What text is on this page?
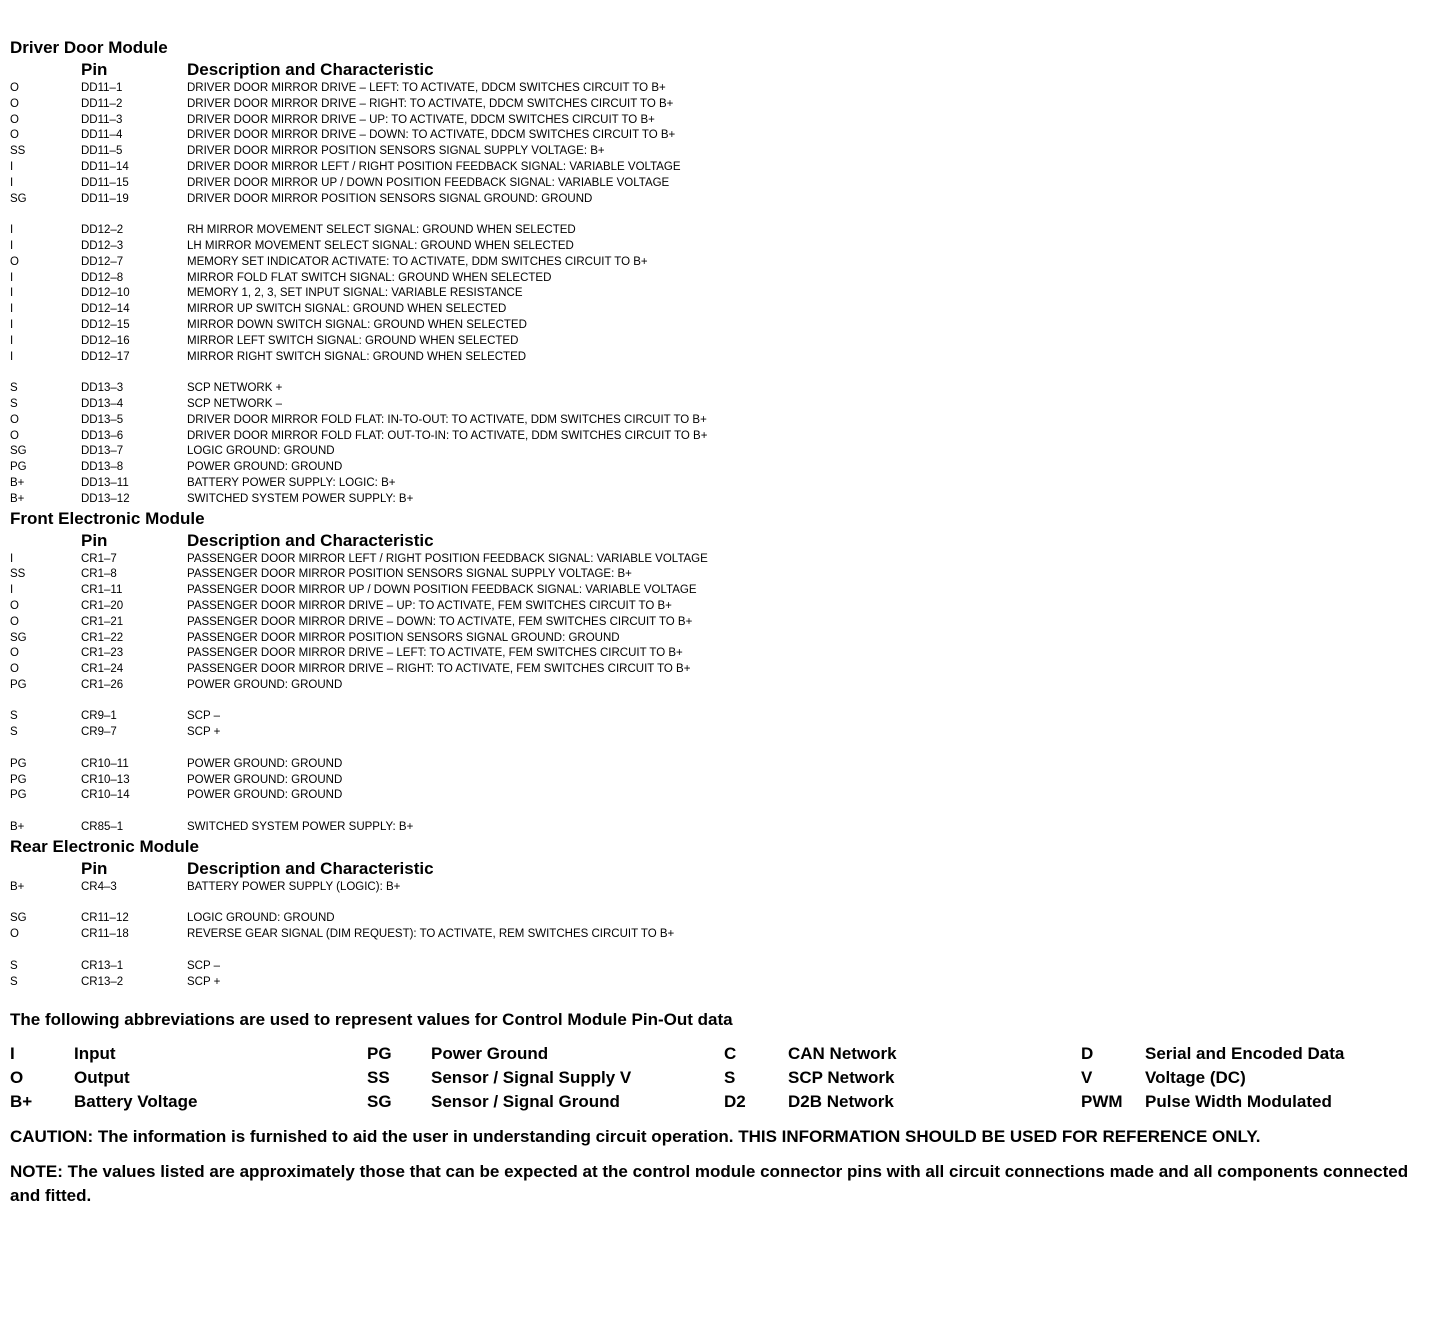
Driver Door Module
Pin	Description and Characteristic
O	DD11–1	DRIVER DOOR MIRROR DRIVE – LEFT: TO ACTIVATE, DDCM SWITCHES CIRCUIT TO B+
O	DD11–2	DRIVER DOOR MIRROR DRIVE – RIGHT: TO ACTIVATE, DDCM SWITCHES CIRCUIT TO B+
O	DD11–3	DRIVER DOOR MIRROR DRIVE – UP: TO ACTIVATE, DDCM SWITCHES CIRCUIT TO B+
O	DD11–4	DRIVER DOOR MIRROR DRIVE – DOWN: TO ACTIVATE, DDCM SWITCHES CIRCUIT TO B+
SS	DD11–5	DRIVER DOOR MIRROR POSITION SENSORS SIGNAL SUPPLY VOLTAGE: B+
I	DD11–14	DRIVER DOOR MIRROR LEFT / RIGHT POSITION FEEDBACK SIGNAL: VARIABLE VOLTAGE
I	DD11–15	DRIVER DOOR MIRROR UP / DOWN POSITION FEEDBACK SIGNAL: VARIABLE VOLTAGE
SG	DD11–19	DRIVER DOOR MIRROR POSITION SENSORS SIGNAL GROUND: GROUND
I	DD12–2	RH MIRROR MOVEMENT SELECT SIGNAL: GROUND WHEN SELECTED
I	DD12–3	LH MIRROR MOVEMENT SELECT SIGNAL: GROUND WHEN SELECTED
O	DD12–7	MEMORY SET INDICATOR ACTIVATE: TO ACTIVATE, DDM SWITCHES CIRCUIT TO B+
I	DD12–8	MIRROR FOLD FLAT SWITCH SIGNAL: GROUND WHEN SELECTED
I	DD12–10	MEMORY 1, 2, 3, SET INPUT SIGNAL: VARIABLE RESISTANCE
I	DD12–14	MIRROR UP SWITCH SIGNAL: GROUND WHEN SELECTED
I	DD12–15	MIRROR DOWN SWITCH SIGNAL: GROUND WHEN SELECTED
I	DD12–16	MIRROR LEFT SWITCH SIGNAL: GROUND WHEN SELECTED
I	DD12–17	MIRROR RIGHT SWITCH SIGNAL: GROUND WHEN SELECTED
S	DD13–3	SCP NETWORK +
S	DD13–4	SCP NETWORK –
O	DD13–5	DRIVER DOOR MIRROR FOLD FLAT: IN-TO-OUT: TO ACTIVATE, DDM SWITCHES CIRCUIT TO B+
O	DD13–6	DRIVER DOOR MIRROR FOLD FLAT: OUT-TO-IN: TO ACTIVATE, DDM SWITCHES CIRCUIT TO B+
SG	DD13–7	LOGIC GROUND: GROUND
PG	DD13–8	POWER GROUND: GROUND
B+	DD13–11	BATTERY POWER SUPPLY: LOGIC: B+
B+	DD13–12	SWITCHED SYSTEM POWER SUPPLY: B+
Front Electronic Module
Pin	Description and Characteristic
I	CR1–7	PASSENGER DOOR MIRROR LEFT / RIGHT POSITION FEEDBACK SIGNAL: VARIABLE VOLTAGE
SS	CR1–8	PASSENGER DOOR MIRROR POSITION SENSORS SIGNAL SUPPLY VOLTAGE: B+
I	CR1–11	PASSENGER DOOR MIRROR UP / DOWN POSITION FEEDBACK SIGNAL: VARIABLE VOLTAGE
O	CR1–20	PASSENGER DOOR MIRROR DRIVE – UP: TO ACTIVATE, FEM SWITCHES CIRCUIT TO B+
O	CR1–21	PASSENGER DOOR MIRROR DRIVE – DOWN: TO ACTIVATE, FEM SWITCHES CIRCUIT TO B+
SG	CR1–22	PASSENGER DOOR MIRROR POSITION SENSORS SIGNAL GROUND: GROUND
O	CR1–23	PASSENGER DOOR MIRROR DRIVE – LEFT: TO ACTIVATE, FEM SWITCHES CIRCUIT TO B+
O	CR1–24	PASSENGER DOOR MIRROR DRIVE – RIGHT: TO ACTIVATE, FEM SWITCHES CIRCUIT TO B+
PG	CR1–26	POWER GROUND: GROUND
S	CR9–1	SCP –
S	CR9–7	SCP +
PG	CR10–11	POWER GROUND: GROUND
PG	CR10–13	POWER GROUND: GROUND
PG	CR10–14	POWER GROUND: GROUND
B+	CR85–1	SWITCHED SYSTEM POWER SUPPLY: B+
Rear Electronic Module
Pin	Description and Characteristic
B+	CR4–3	BATTERY POWER SUPPLY (LOGIC): B+
SG	CR11–12	LOGIC GROUND: GROUND
O	CR11–18	REVERSE GEAR SIGNAL (DIM REQUEST): TO ACTIVATE, REM SWITCHES CIRCUIT TO B+
S	CR13–1	SCP –
S	CR13–2	SCP +
The following abbreviations are used to represent values for Control Module Pin-Out data
I	Input	PG	Power Ground	C	CAN Network	D	Serial and Encoded Data
O	Output	SS	Sensor / Signal Supply V	S	SCP Network	V	Voltage (DC)
B+	Battery Voltage	SG	Sensor / Signal Ground	D2	D2B Network	PWM	Pulse Width Modulated
CAUTION: The information is furnished to aid the user in understanding circuit operation. THIS INFORMATION SHOULD BE USED FOR REFERENCE ONLY.
NOTE: The values listed are approximately those that can be expected at the control module connector pins with all circuit connections made and all components connected and fitted.
